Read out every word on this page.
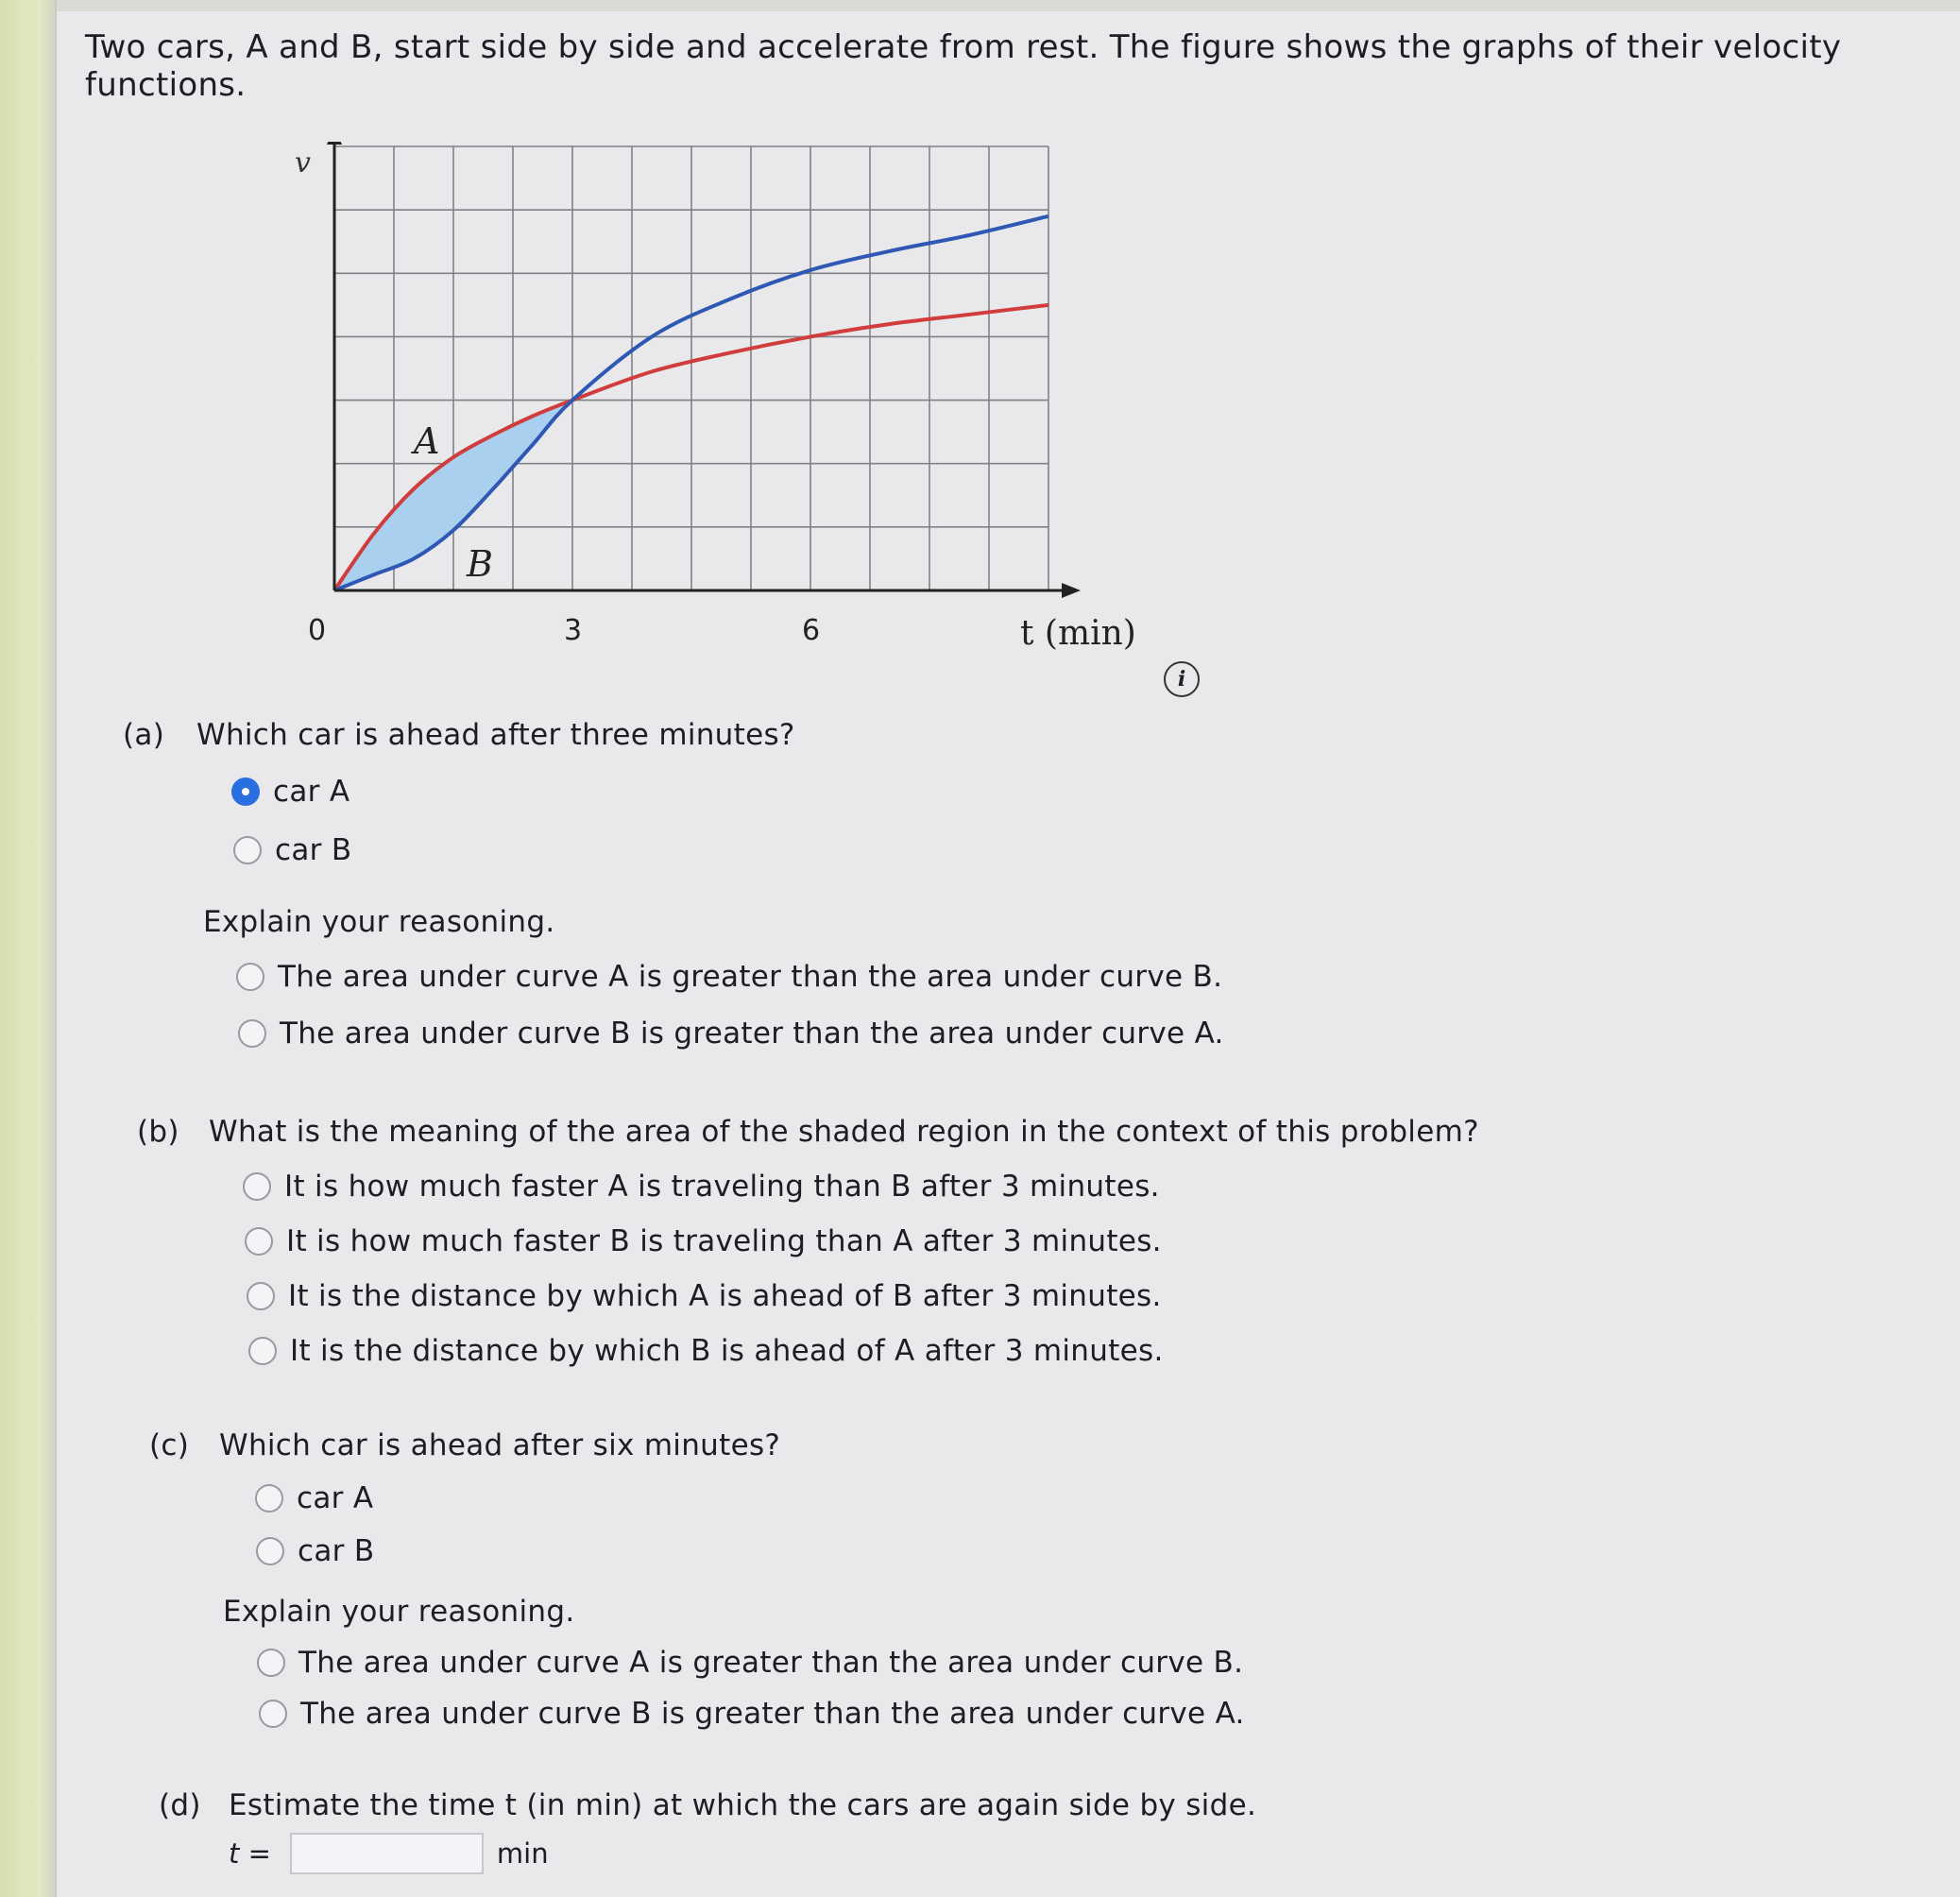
Two cars, A and B, start side by side and accelerate from rest. The figure shows the graphs of their velocity functions.
v
t (min)
A
B
0	3	6
i
(a) Which car is ahead after three minutes?
car A
car B
Explain your reasoning.
The area under curve A is greater than the area under curve B.
The area under curve B is greater than the area under curve A.
(b) What is the meaning of the area of the shaded region in the context of this problem?
It is how much faster A is traveling than B after 3 minutes.
It is how much faster B is traveling than A after 3 minutes.
It is the distance by which A is ahead of B after 3 minutes.
It is the distance by which B is ahead of A after 3 minutes.
(c) Which car is ahead after six minutes?
car A
car B
Explain your reasoning.
The area under curve A is greater than the area under curve B.
The area under curve B is greater than the area under curve A.
(d) Estimate the time t (in min) at which the cars are again side by side.
t =	min
